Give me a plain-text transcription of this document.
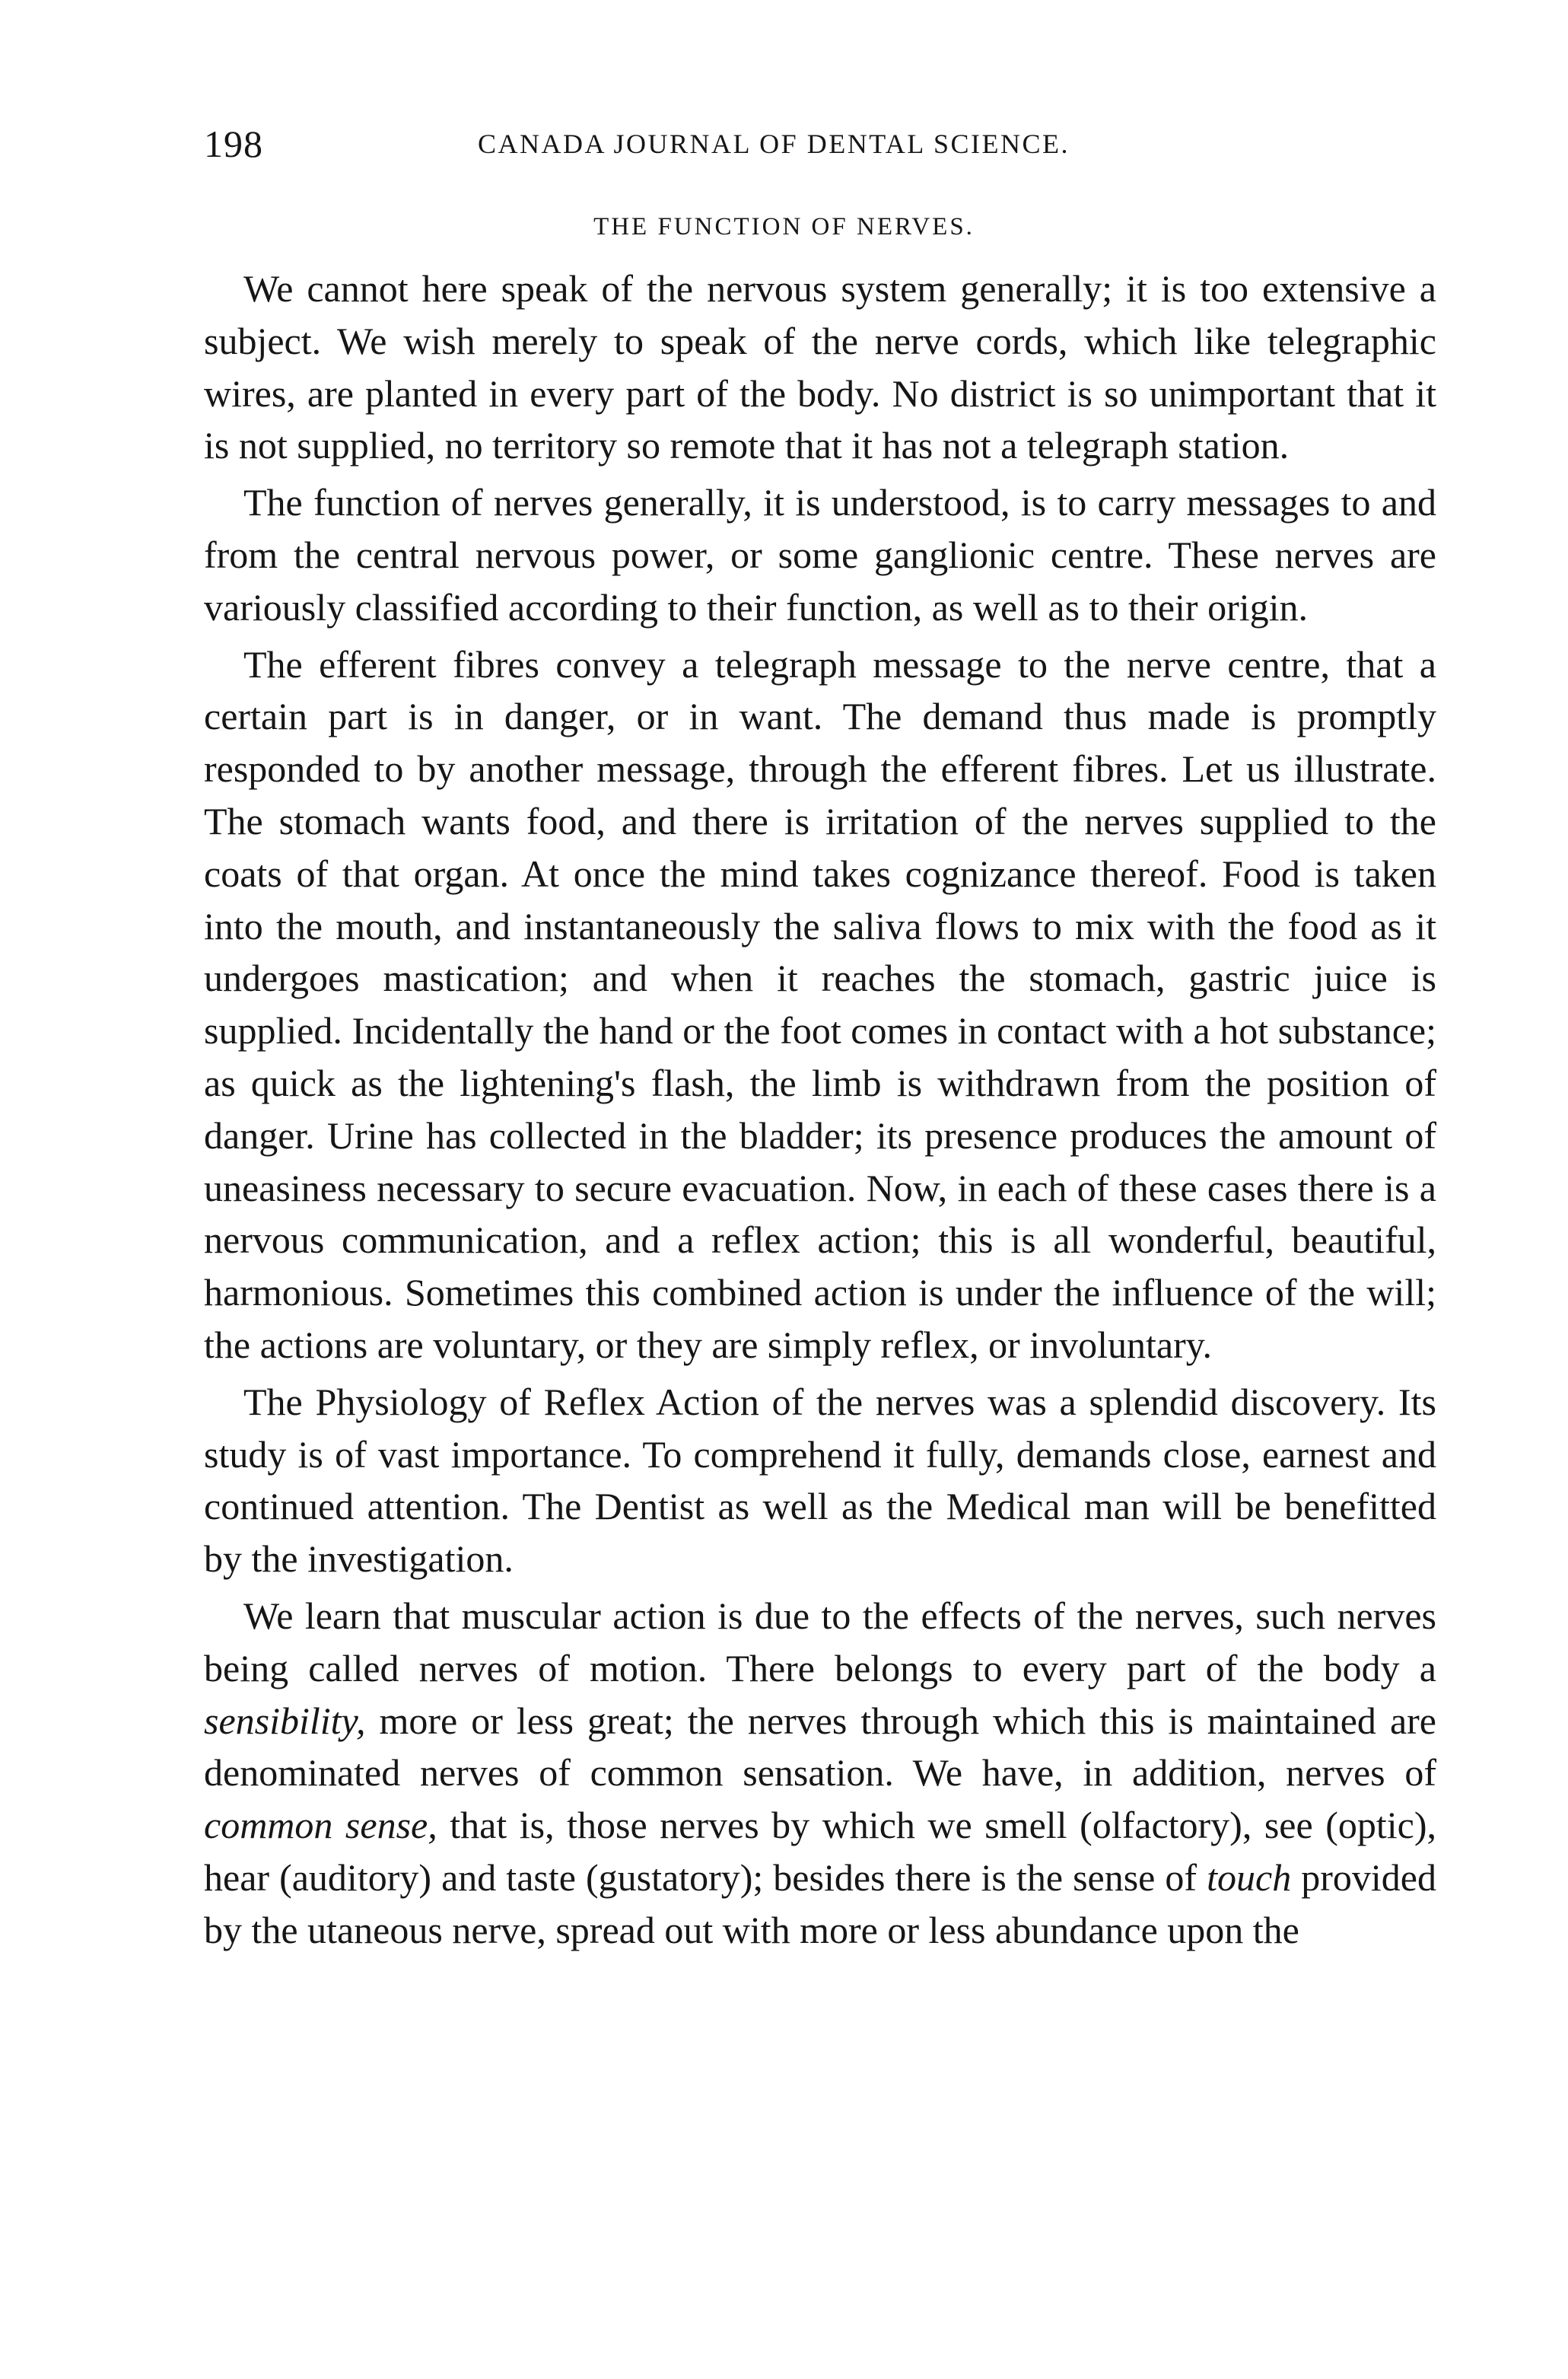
198	CANADA JOURNAL OF DENTAL SCIENCE.
THE FUNCTION OF NERVES.

We cannot here speak of the nervous system generally; it is too extensive a subject. We wish merely to speak of the nerve cords, which like telegraphic wires, are planted in every part of the body. No district is so unimportant that it is not supplied, no territory so remote that it has not a telegraph station.

The function of nerves generally, it is understood, is to carry messages to and from the central nervous power, or some ganglionic centre. These nerves are variously classified according to their function, as well as to their origin.

The efferent fibres convey a telegraph message to the nerve centre, that a certain part is in danger, or in want. The demand thus made is promptly responded to by another message, through the efferent fibres. Let us illustrate. The stomach wants food, and there is irritation of the nerves supplied to the coats of that organ. At once the mind takes cognizance thereof. Food is taken into the mouth, and instantaneously the saliva flows to mix with the food as it undergoes mastication; and when it reaches the stomach, gastric juice is supplied. Incidentally the hand or the foot comes in contact with a hot substance; as quick as the lightening's flash, the limb is withdrawn from the position of danger. Urine has collected in the bladder; its presence produces the amount of uneasiness necessary to secure evacuation. Now, in each of these cases there is a nervous communication, and a reflex action; this is all wonderful, beautiful, harmonious. Sometimes this combined action is under the influence of the will; the actions are voluntary, or they are simply reflex, or involuntary.

The Physiology of Reflex Action of the nerves was a splendid discovery. Its study is of vast importance. To comprehend it fully, demands close, earnest and continued attention. The Dentist as well as the Medical man will be benefitted by the investigation.

We learn that muscular action is due to the effects of the nerves, such nerves being called nerves of motion. There belongs to every part of the body a sensibility, more or less great; the nerves through which this is maintained are denominated nerves of common sensation. We have, in addition, nerves of common sense, that is, those nerves by which we smell (olfactory), see (optic), hear (auditory) and taste (gustatory); besides there is the sense of touch provided by the utaneous nerve, spread out with more or less abundance upon the
